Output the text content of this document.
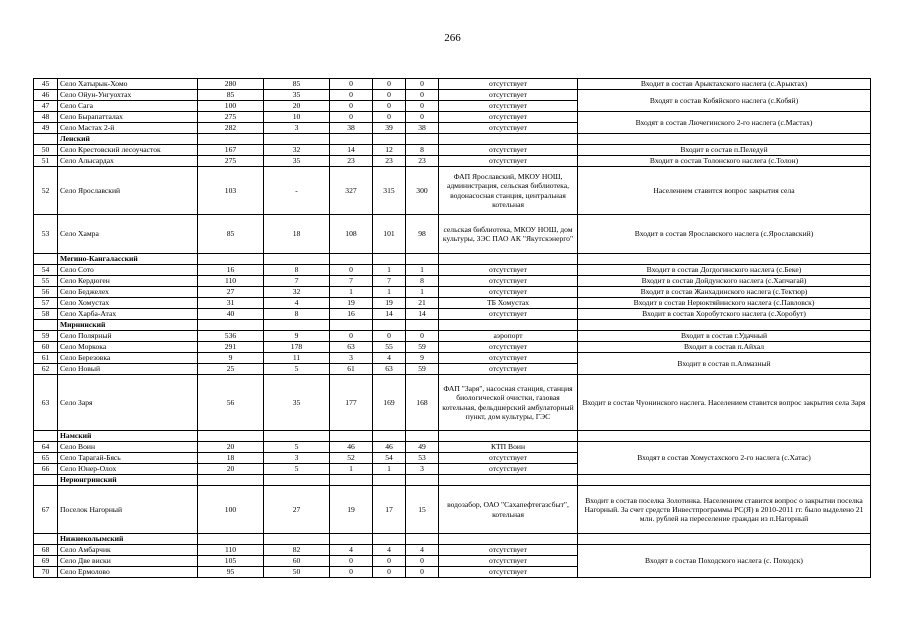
266
45	Село Хатырык-Хомо	280	85	0	0	0	отсутствует	Входит в состав Арыктахского наслега (с.Арыктах)
46	Село Ойун-Унгуохтах	85	35	0	0	0	отсутствует	Входят в состав Кобяйского наслега (с.Кобяй)
47	Село Сага	100	20	0	0	0	отсутствует	
48	Село Бырапатталах	275	10	0	0	0	отсутствует	Входят в состав Лючегинского 2-го наслега (с.Мастах)
49	Село Мастах 2-й	282	3	38	39	38	отсутствует	
	Ленский							
50	Село Крестовский лесоучасток	167	32	14	12	8	отсутствует	Входит в состав п.Пеледуй
51	Село Алысардах	275	35	23	23	23	отсутствует	Входит в состав Толонского наслега (с.Толон)
52	Село Ярославский	103	-	327	315	300	ФАП Ярославский, МКОУ НОШ, администрация, сельская библиотека, водонасосная станция, центральная котельная	Населением ставится вопрос закрытия села
53	Село Хамра	85	18	108	101	98	сельская библиотека, МКОУ НОШ, дом культуры, ЗЭС ПАО АК "Якутскэнерго"	Входит в состав Ярославского наслега (с.Ярославский)
	Мегино-Кангаласский							
54	Село Сото	16	8	0	1	1	отсутствует	Входит в состав Догдогинского наслега (с.Беке)
55	Село Кердюген	110	7	7	7	8	отсутствует	Входит в состав Дойдунского наслега (с.Хапчагай)
56	Село Беджелех	27	32	1	1	1	отсутствует	Входит в состав Жанхадинского наслега (с.Тектюр)
57	Село Хомустах	31	4	19	19	21	ТБ Хомустах	Входит в состав Нерюктяйинского наслега (с.Павловск)
58	Село Харба-Атах	40	8	16	14	14	отсутствует	Входит в состав Хоробутского наслега (с.Хоробут)
	Мирнинский							
59	Село Полярный	536	9	0	0	0	аэропорт	Входит в состав г.Удачный
60	Село Моркока	291	178	63	55	59	отсутствует	Входит в состав п.Айхал
61	Село Березовка	9	11	3	4	9	отсутствует	Входит в состав п.Алмазный
62	Село Новый	25	5	61	63	59	отсутствует	
63	Село Заря	56	35	177	169	168	ФАП "Заря", насосная станция, станция биологической очистки, газовая котельная, фельдшерский амбулаторный пункт, дом культуры, ГЭС	Входит в состав Чуонинского наслега. Населением ставится вопрос закрытия села Заря
	Намский							
64	Село Воин	20	5	46	46	49	КТП Воин	Входят в состав Хомустахского 2-го наслега (с.Хатас)
65	Село Тарагай-Бясь	18	3	52	54	53	отсутствует	
66	Село Юнер-Олох	20	5	1	1	3	отсутствует	
	Нерюнгринский							
67	Поселок Нагорный	100	27	19	17	15	водозабор, ОАО "Сахапефтегазсбыт", котельная	Входит в состав поселка Золотинка. Населением ставится вопрос о закрытии поселка Нагорный. За счет средств Инвестпрограммы РС(Я) в 2010-2011 гг. было выделено 21 млн. рублей на переселение граждан из п.Нагорный
	Нижнеколымский							
68	Село Амбарчик	110	82	4	4	4	отсутствует	Входят в состав Походского наслега (с. Походск)
69	Село Две виски	105	60	0	0	0	отсутствует	
70	Село Ермолово	95	50	0	0	0	отсутствует	
